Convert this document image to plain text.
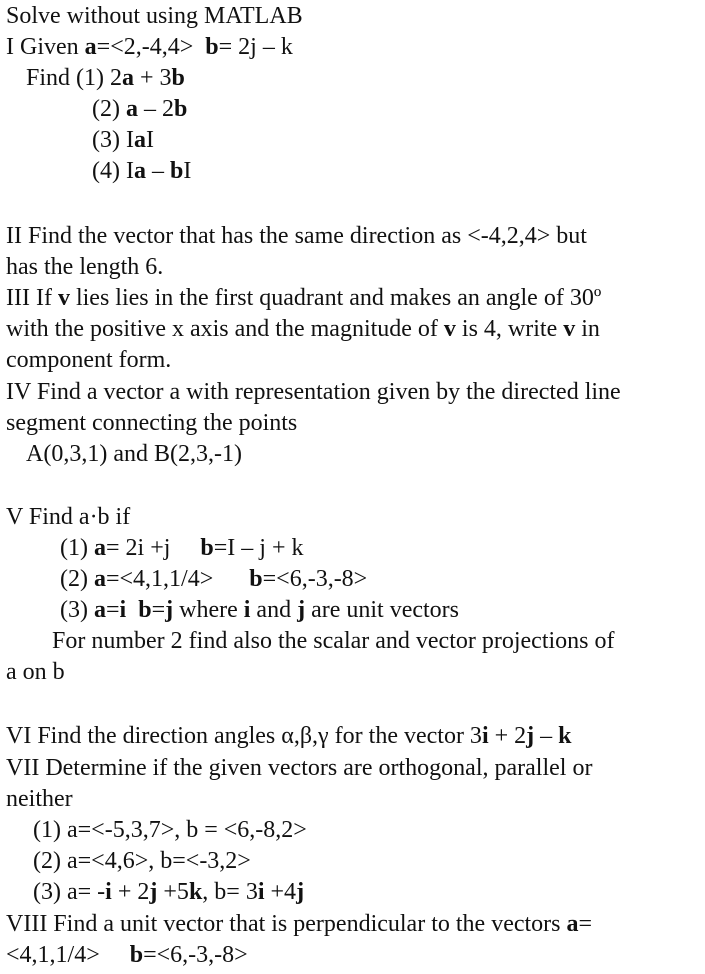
Solve without using MATLAB
I Given a=<2,-4,4> b= 2j – k
Find (1) 2a + 3b
(2) a – 2b
(3) IaI
(4) Ia – bI
II Find the vector that has the same direction as <-4,2,4> but
has the length 6.
III If v lies lies in the first quadrant and makes an angle of 30º
with the positive x axis and the magnitude of v is 4, write v in
component form.
IV Find a vector a with representation given by the directed line
segment connecting the points
A(0,3,1) and B(2,3,-1)
V Find a·b if
(1) a= 2i +j b=I – j + k
(2) a=<4,1,1/4> b=<6,-3,-8>
(3) a=i b=j where i and j are unit vectors
For number 2 find also the scalar and vector projections of
a on b
VI Find the direction angles α,β,γ for the vector 3i + 2j – k
VII Determine if the given vectors are orthogonal, parallel or
neither
(1) a=<-5,3,7>, b = <6,-8,2>
(2) a=<4,6>, b=<-3,2>
(3) a= -i + 2j +5k, b= 3i +4j
VIII Find a unit vector that is perpendicular to the vectors a=
<4,1,1/4>     b=<6,-3,-8>
